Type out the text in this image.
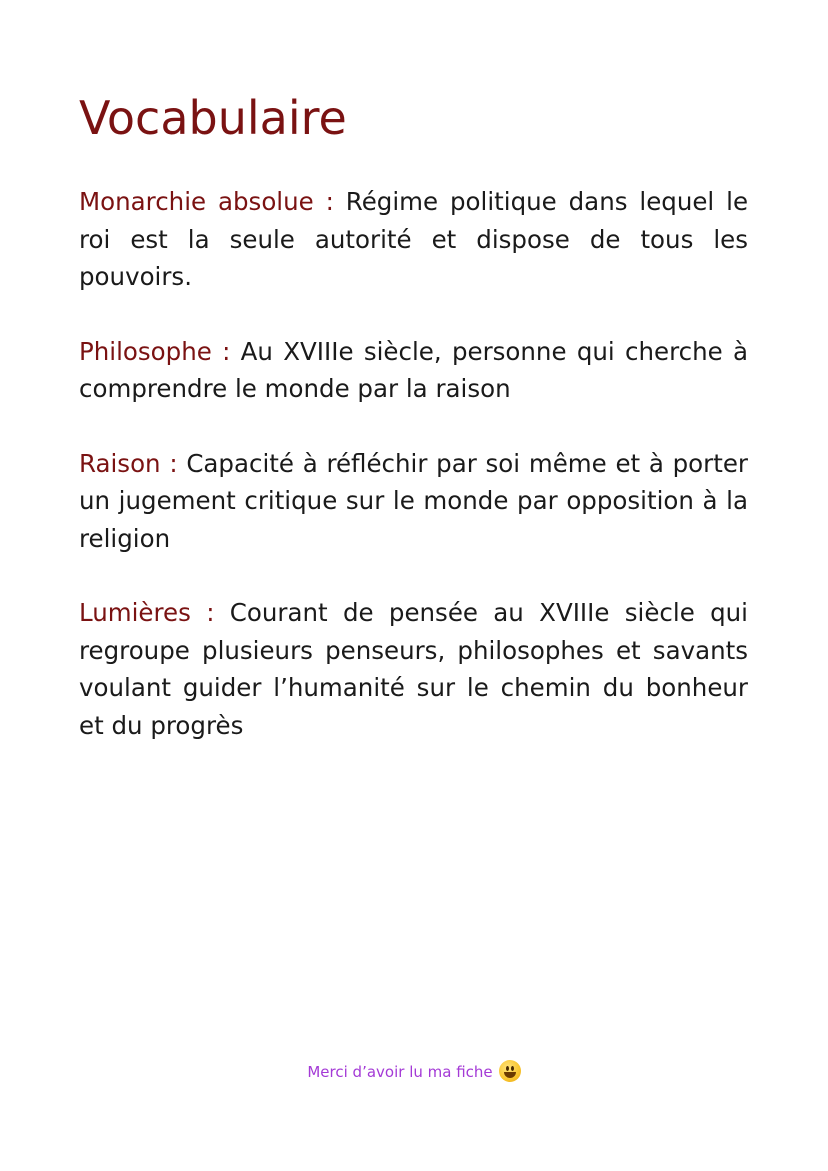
Vocabulaire

Monarchie absolue : Régime politique dans lequel le roi est la seule autorité et dispose de tous les pouvoirs.

Philosophe : Au XVIIIe siècle, personne qui cherche à comprendre le monde par la raison

Raison : Capacité à réfléchir par soi même et à porter un jugement critique sur le monde par opposition à la religion

Lumières : Courant de pensée au XVIIIe siècle qui regroupe plusieurs penseurs, philosophes et savants voulant guider l’humanité sur le chemin du bonheur et du progrès

Merci d’avoir lu ma fiche
